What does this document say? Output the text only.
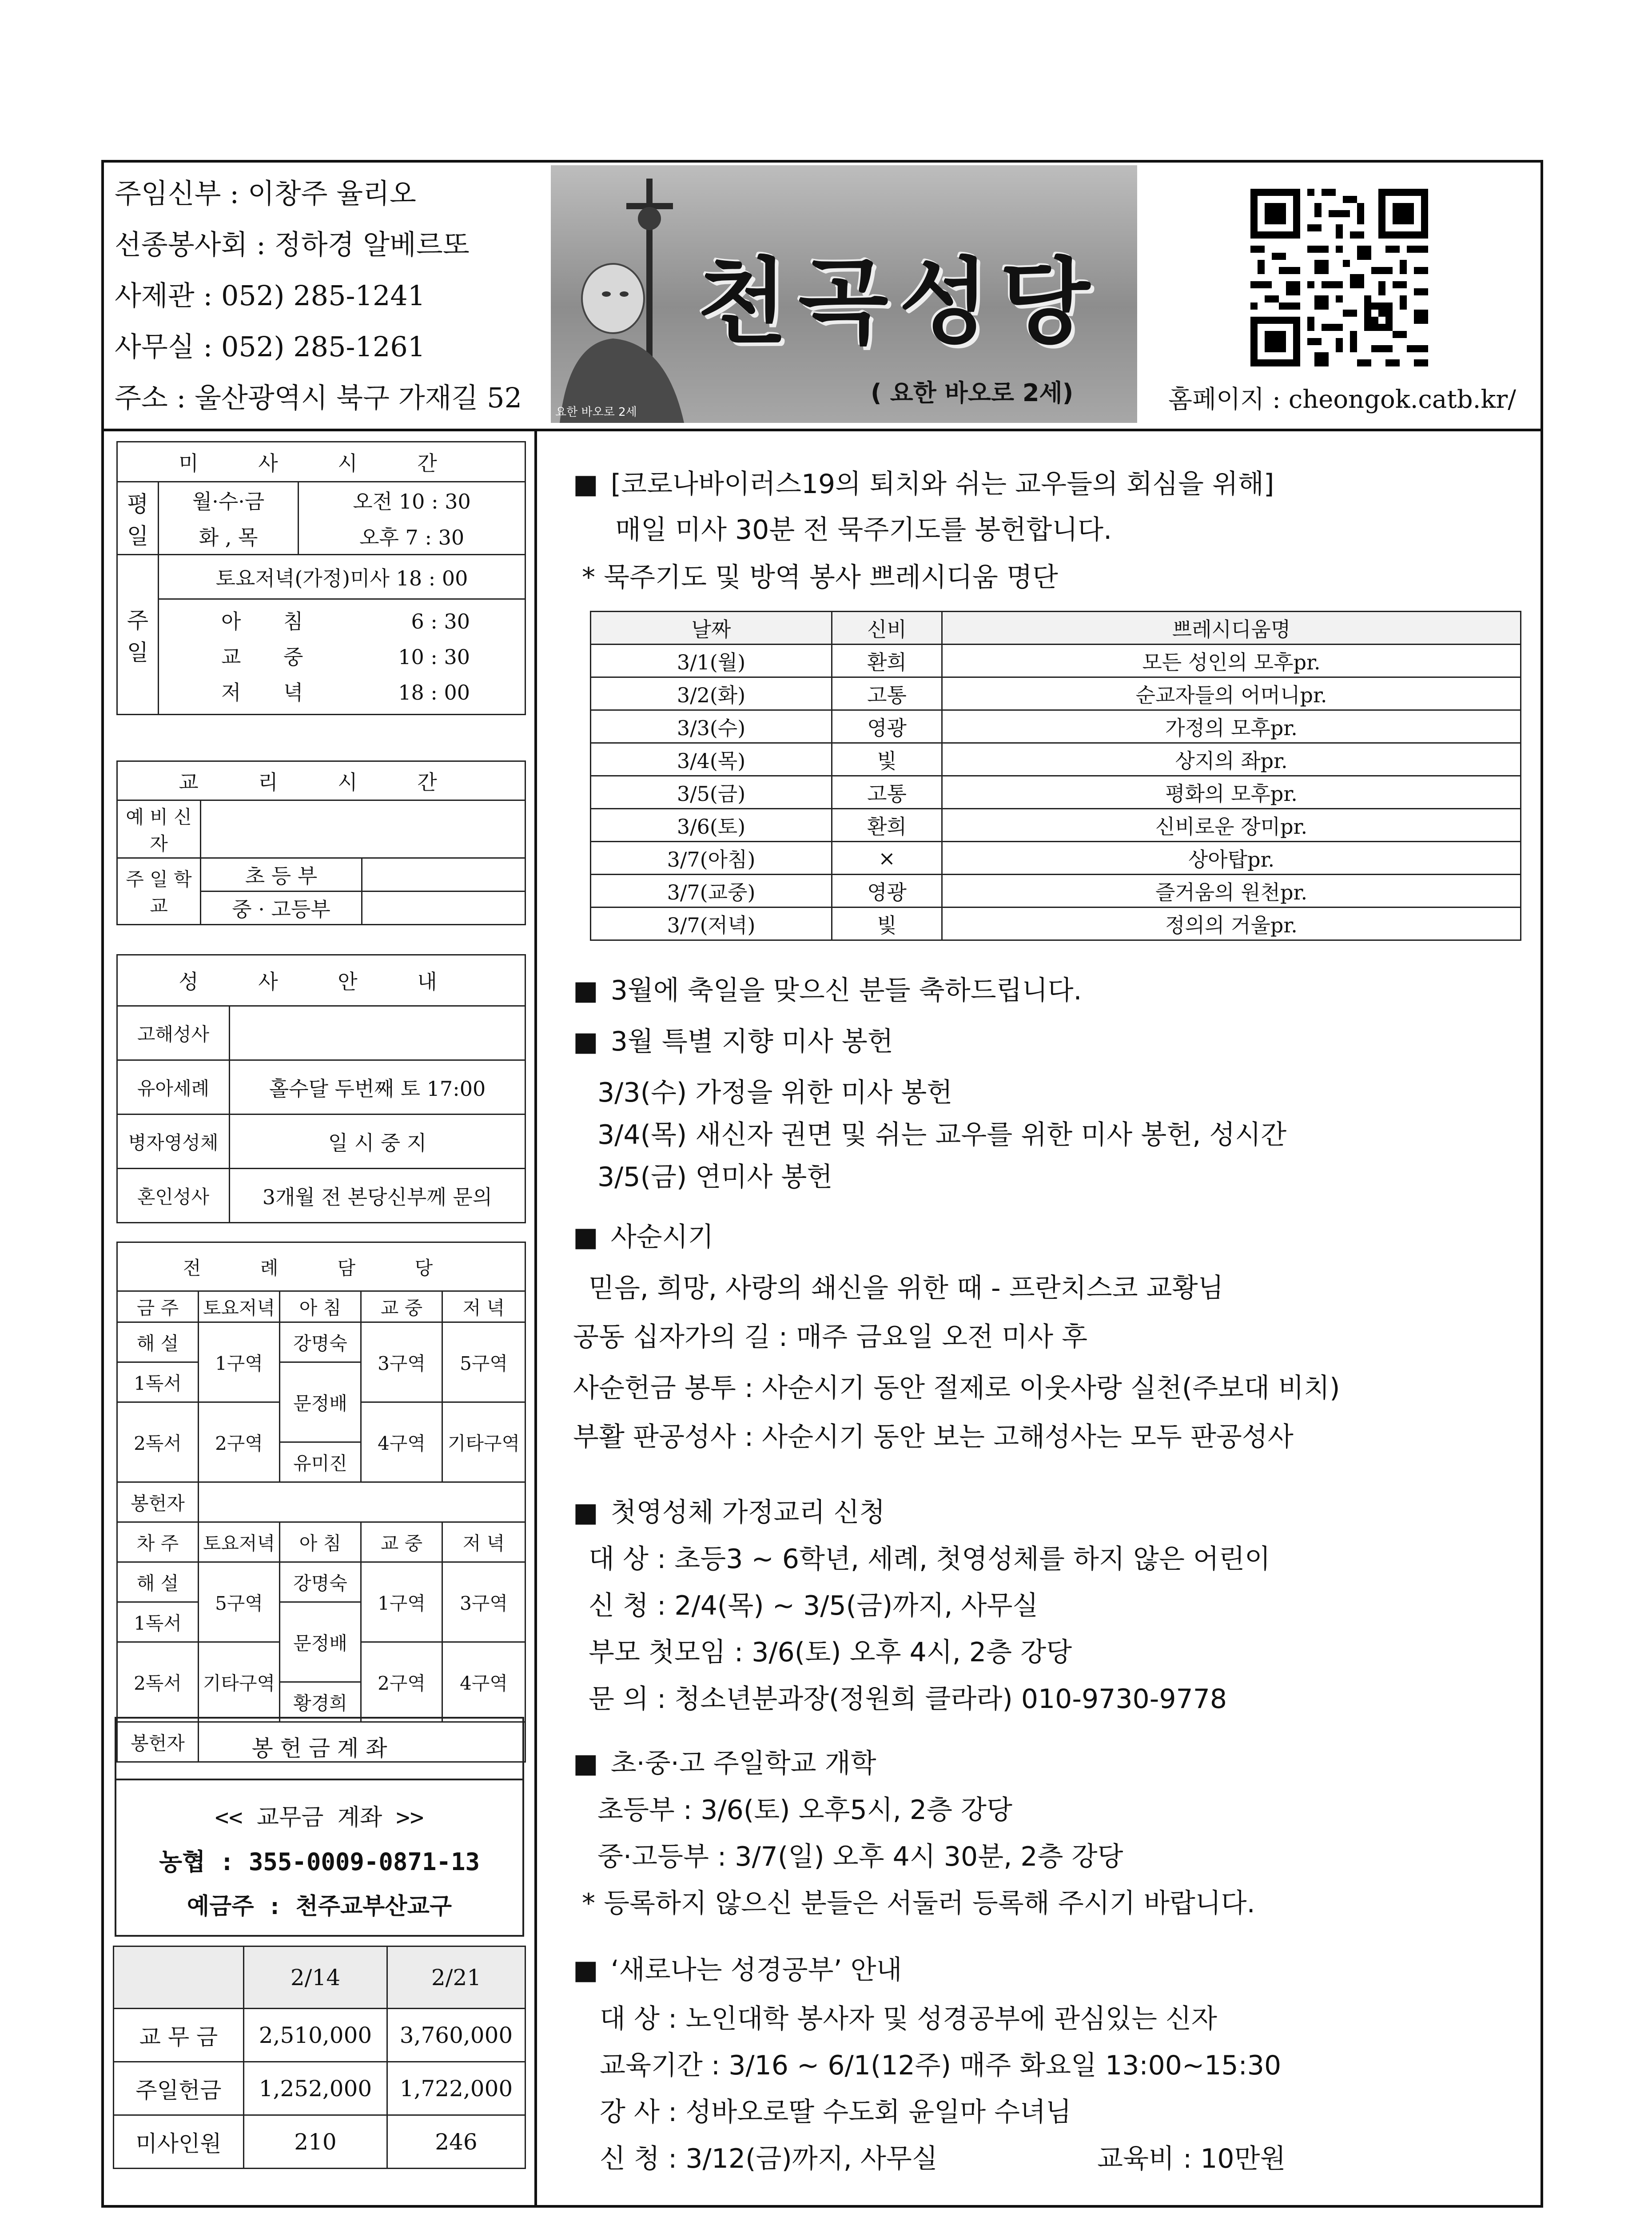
주임신부 : 이창주 율리오
선종봉사회 : 정하경 알베르또
사제관 : 052) 285-1241
사무실 : 052) 285-1261
주소 : 울산광역시 북구 가재길 52	요한 바오로 2세
천곡성당
( 요한 바오로 2세)	홈페이지 : cheongok.catb.kr/
미 사 시 간		
평 일	월·수·금	오전 10 : 30
	화 , 목	오후 7 : 30
주 일	토요저녁(가정)미사 18 : 00	

	아 침 6 : 30
교 중 10 : 30
저 녁 18 : 00	
교 리 시 간		
예 비 신 자		
주 일 학 교	초 등 부	
	중 · 고등부	
성 사 안 내	
고해성사	
유아세례	홀수달 두번째 토 17:00
병자영성체	일 시 중 지
혼인성사	3개월 전 본당신부께 문의
전 례 담 당				
금 주	토요저녁	아 침	교 중	저 녁
해 설	1구역	강명숙	3구역	5구역
1독서		문정배		
2독서	2구역		4구역	기타구역
		유미진		
봉헌자				
차 주	토요저녁	아 침	교 중	저 녁
해 설	5구역	강명숙	1구역	3구역
1독서		문정배		
2독서	기타구역		2구역	4구역
		황경희		
봉헌자					봉 헌 금 계 좌
<< 교무금 계좌 >>
농협 : 355-0009-0871-13
예금주 : 천주교부산교구
	2/14	2/21
교 무 금	2,510,000	3,760,000
주일헌금	1,252,000	1,722,000
미사인원	210	246
■ [코로나바이러스19의 퇴치와 쉬는 교우들의 회심을 위해]
매일 미사 30분 전 묵주기도를 봉헌합니다.
* 묵주기도 및 방역 봉사 쁘레시디움 명단
날짜	신비	쁘레시디움명
3/1(월)	환희	모든 성인의 모후pr.
3/2(화)	고통	순교자들의 어머니pr.
3/3(수)	영광	가정의 모후pr.
3/4(목)	빛	상지의 좌pr.
3/5(금)	고통	평화의 모후pr.
3/6(토)	환희	신비로운 장미pr.
3/7(아침)	×	상아탑pr.
3/7(교중)	영광	즐거움의 원천pr.
3/7(저녁)	빛	정의의 거울pr.
■ 3월에 축일을 맞으신 분들 축하드립니다.
■ 3월 특별 지향 미사 봉헌
3/3(수) 가정을 위한 미사 봉헌
3/4(목) 새신자 권면 및 쉬는 교우를 위한 미사 봉헌, 성시간
3/5(금) 연미사 봉헌
■ 사순시기
믿음, 희망, 사랑의 쇄신을 위한 때 - 프란치스코 교황님
공동 십자가의 길 : 매주 금요일 오전 미사 후
사순헌금 봉투 : 사순시기 동안 절제로 이웃사랑 실천(주보대 비치)
부활 판공성사 : 사순시기 동안 보는 고해성사는 모두 판공성사
■ 첫영성체 가정교리 신청
대 상 : 초등3 ~ 6학년, 세례, 첫영성체를 하지 않은 어린이
신 청 : 2/4(목) ~ 3/5(금)까지, 사무실
부모 첫모임 : 3/6(토) 오후 4시, 2층 강당
문 의 : 청소년분과장(정원희 클라라) 010-9730-9778
■ 초·중·고 주일학교 개학
초등부 : 3/6(토) 오후5시, 2층 강당
중·고등부 : 3/7(일) 오후 4시 30분, 2층 강당
* 등록하지 않으신 분들은 서둘러 등록해 주시기 바랍니다.
■ ‘새로나는 성경공부’ 안내
대 상 : 노인대학 봉사자 및 성경공부에 관심있는 신자
교육기간 : 3/16 ~ 6/1(12주) 매주 화요일 13:00~15:30
강 사 : 성바오로딸 수도회 윤일마 수녀님
신 청 : 3/12(금)까지, 사무실	교육비 : 10만원
